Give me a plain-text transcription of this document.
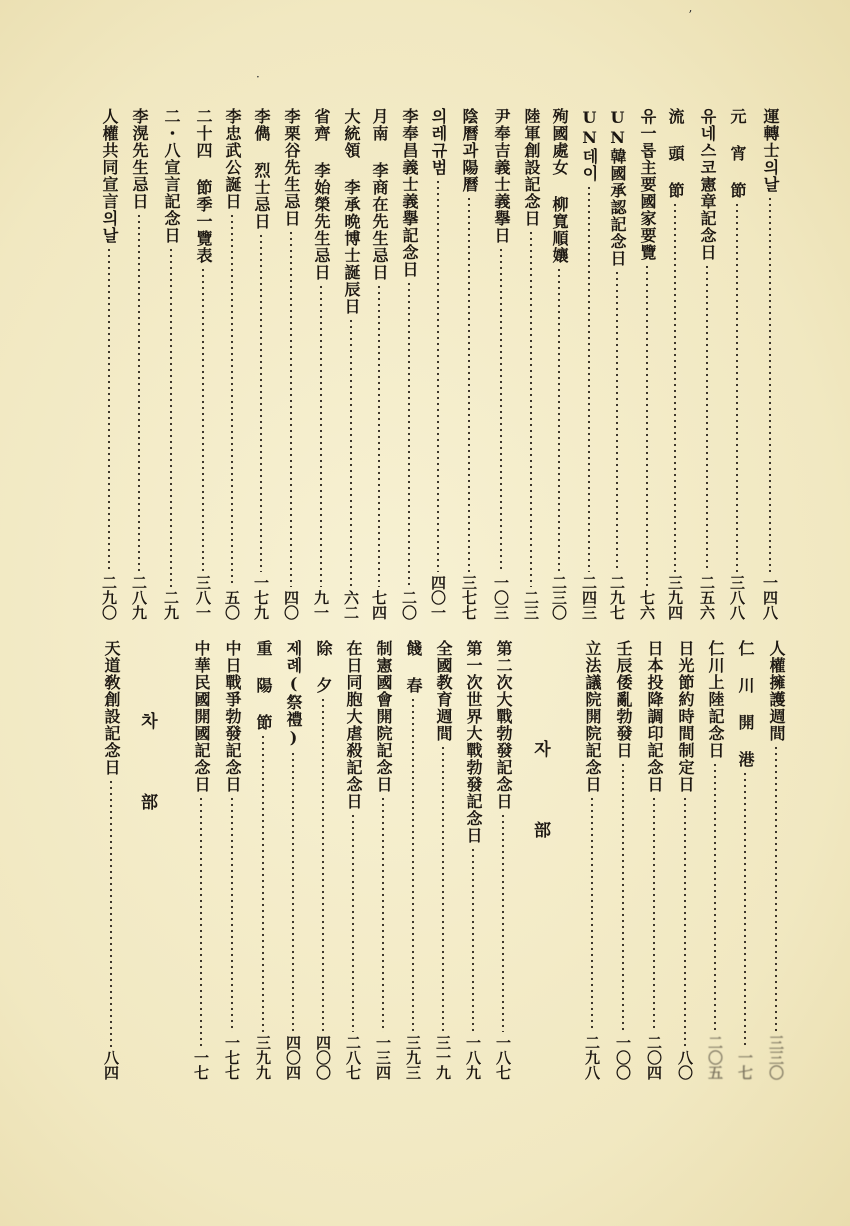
·
ʼ
運轉士의날
一四八
元 宵 節
三八八
유네스코憲章記念日
二五六
流 頭 節
三九四
유一롭主要國家要覽
七六
UN韓國承認記念日
二九七
UN데이
二四三
殉國處女 柳寬順孃
二三〇
陸軍創設記念日
二三
尹奉吉義士義擧日
一〇三
陰曆과陽曆
三七七
의레규범
四〇一
李奉昌義士義擧記念日
二〇
月南 李商在先生忌日
七四
大統領 李承晩博士誕辰日
六二
省齊 李始榮先生忌日
九一
李栗谷先生忌日
四〇
李儁 烈士忌日
一七九
李忠武公誕日
五〇
二十四 節季一覽表
三八一
二・八宣言記念日
二九
李滉先生忌日
二八九
人權共同宣言의날
二九〇
人權擁護週間
三三〇
仁 川 開 港
一七
仁川上陸記念日
二〇五
日光節約時間制定日
八〇
日本投降調印記念日
二〇四
壬辰倭亂勃發日
一〇〇
立法議院開院記念日
二九八
자 部
第二次大戰勃發記念日
一八七
第一次世界大戰勃發記念日
一八九
全國教育週間
三一九
餞 春
三九三
制憲國會開院記念日
一三四
在日同胞大虐殺記念日
二八七
除 夕
四〇〇
제례(祭禮)
四〇四
重 陽 節
三九九
中日戰爭勃發記念日
一七七
中華民國開國記念日
一七
차 部
天道敎創設記念日
八四
